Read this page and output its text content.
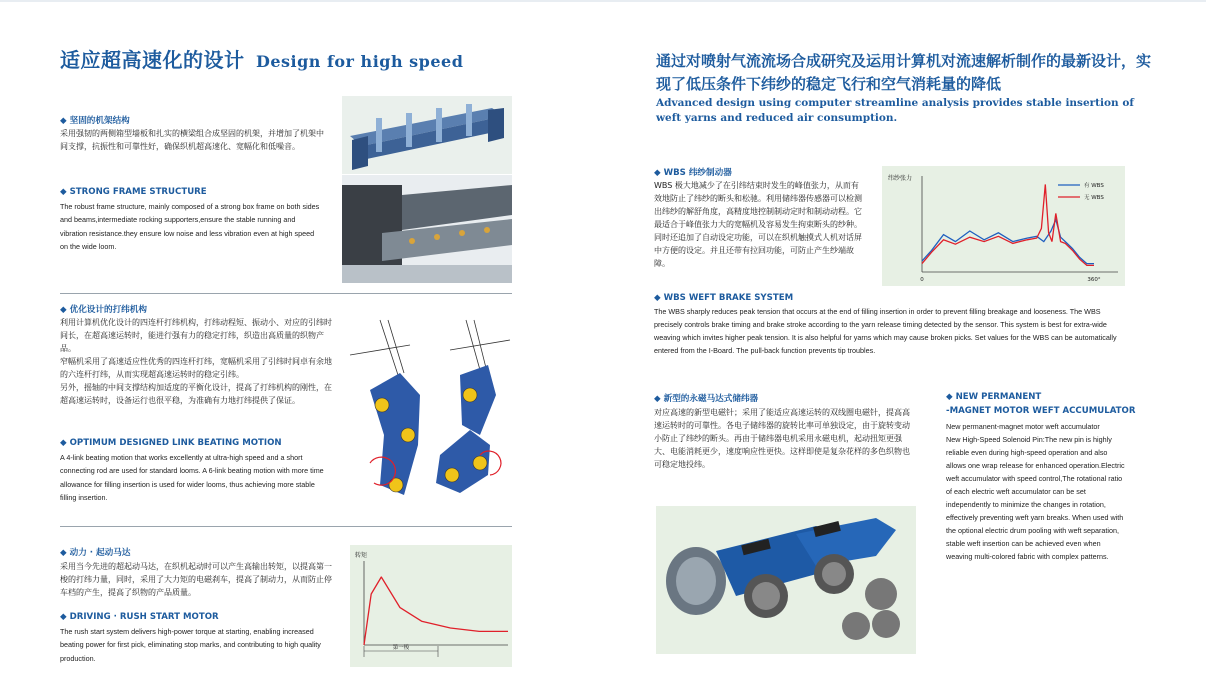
适应超高速化的设计 Design for high speed
◆ 坚固的机架结构
采用强韧的两侧箱型墙板和扎实的横梁组合成坚固的机架，并增加了机架中间支撑，抗振性和可靠性好，确保织机超高速化、宽幅化和低噪音。
◆ STRONG FRAME STRUCTURE
The robust frame structure, mainly composed of a strong box frame on both sides and beams,intermediate rocking supporters,ensure the stable running and vibration resistance.they ensure low noise and less vibration even at high speed on the wide loom.
◆ 优化设计的打纬机构
利用计算机优化设计的四连杆打纬机构，打纬动程短、振动小、对应的引纬时间长，在超高速运转时，能进行强有力的稳定打纬，织造出高质量的织物产品。
窄幅机采用了高速适应性优秀的四连杆打纬，宽幅机采用了引纬时间卓有余地的六连杆打纬，从而实现超高速运转时的稳定引纬。
另外，摇轴的中间支撑结构加适度的平衡化设计，提高了打纬机构的刚性，在超高速运转时，设备运行也很平稳，为准确有力地打纬提供了保证。
◆ OPTIMUM DESIGNED LINK BEATING MOTION
A 4-link beating motion that works excellently at ultra-high speed and a short connecting rod are used for standard looms. A 6-link beating motion with more time allowance for filling insertion is used for wider looms, thus achieving more stable filling insertion.
◆ 动力 · 起动马达
采用当今先进的超起动马达，在织机起动时可以产生高输出转矩，以提高第一梭的打纬力量，同时，采用了大力矩的电磁刹车，提高了制动力，从而防止停车档的产生，提高了织物的产品质量。
◆ DRIVING · RUSH START MOTOR
The rush start system delivers high-power torque at starting, enabling increased beating power for first pick, eliminating stop marks, and contributing to high quality production.
转矩
第一梭
通过对喷射气流流场合成研究及运用计算机对流速解析制作的最新设计，实现了低压条件下纬纱的稳定飞行和空气消耗量的降低
Advanced design using computer streamline analysis provides stable insertion of weft yarns and reduced air consumption.
◆ WBS 纬纱制动器
WBS 极大地减少了在引纬结束时发生的峰值张力，从而有效地防止了纬纱的断头和松驰。利用储纬器传感器可以检测出纬纱的解舒角度，高精度地控制制动定时和制动动程。它最适合于峰值张力大的宽幅机及容易发生拘束断头的纱种。同时还追加了自动设定功能，可以在织机触摸式人机对话屏中方便的设定。并且还带有拉回功能，可防止产生纱端故障。
纬纱张力
0	360°
有 WBS
无 WBS
◆ WBS WEFT BRAKE SYSTEM
The WBS sharply reduces peak tension that occurs at the end of filling insertion in order to prevent filling breakage and looseness. The WBS precisely controls brake timing and brake stroke according to the yarn release timing detected by the sensor. This system is best for extra-wide weaving which invites higher peak tension. It is also helpful for yarns which may cause broken picks. Set values for the WBS can be automatically entered from the I-Board. The pull-back function prevents tip troubles.
◆ 新型的永磁马达式储纬器
对应高速的新型电磁针；采用了能适应高速运转的双线圈电磁针，提高高速运转时的可靠性。各电子储纬器的旋转比率可单独设定，由于旋转变动小防止了纬纱的断头。再由于储纬器电机采用永磁电机，起动扭矩更强大、电能消耗更少，速度响应性更快。这样即使是复杂花样的多色织物也可稳定地投纬。
◆ NEW PERMANENT
-MAGNET MOTOR WEFT ACCUMULATOR
New permanent-magnet motor weft accumulator
New High-Speed Solenoid Pin:The new pin is highly reliable even during high-speed operation and also allows one wrap release for enhanced operation.Electric weft accumulator with speed control,The rotational ratio of each electric weft accumulator can be set independently to minimize the changes in rotation, effectively preventing weft yarn breaks. When used with the optional electric drum pooling with weft separation, stable weft insertion can be achieved even when weaving multi-colored fabric with complex patterns.
